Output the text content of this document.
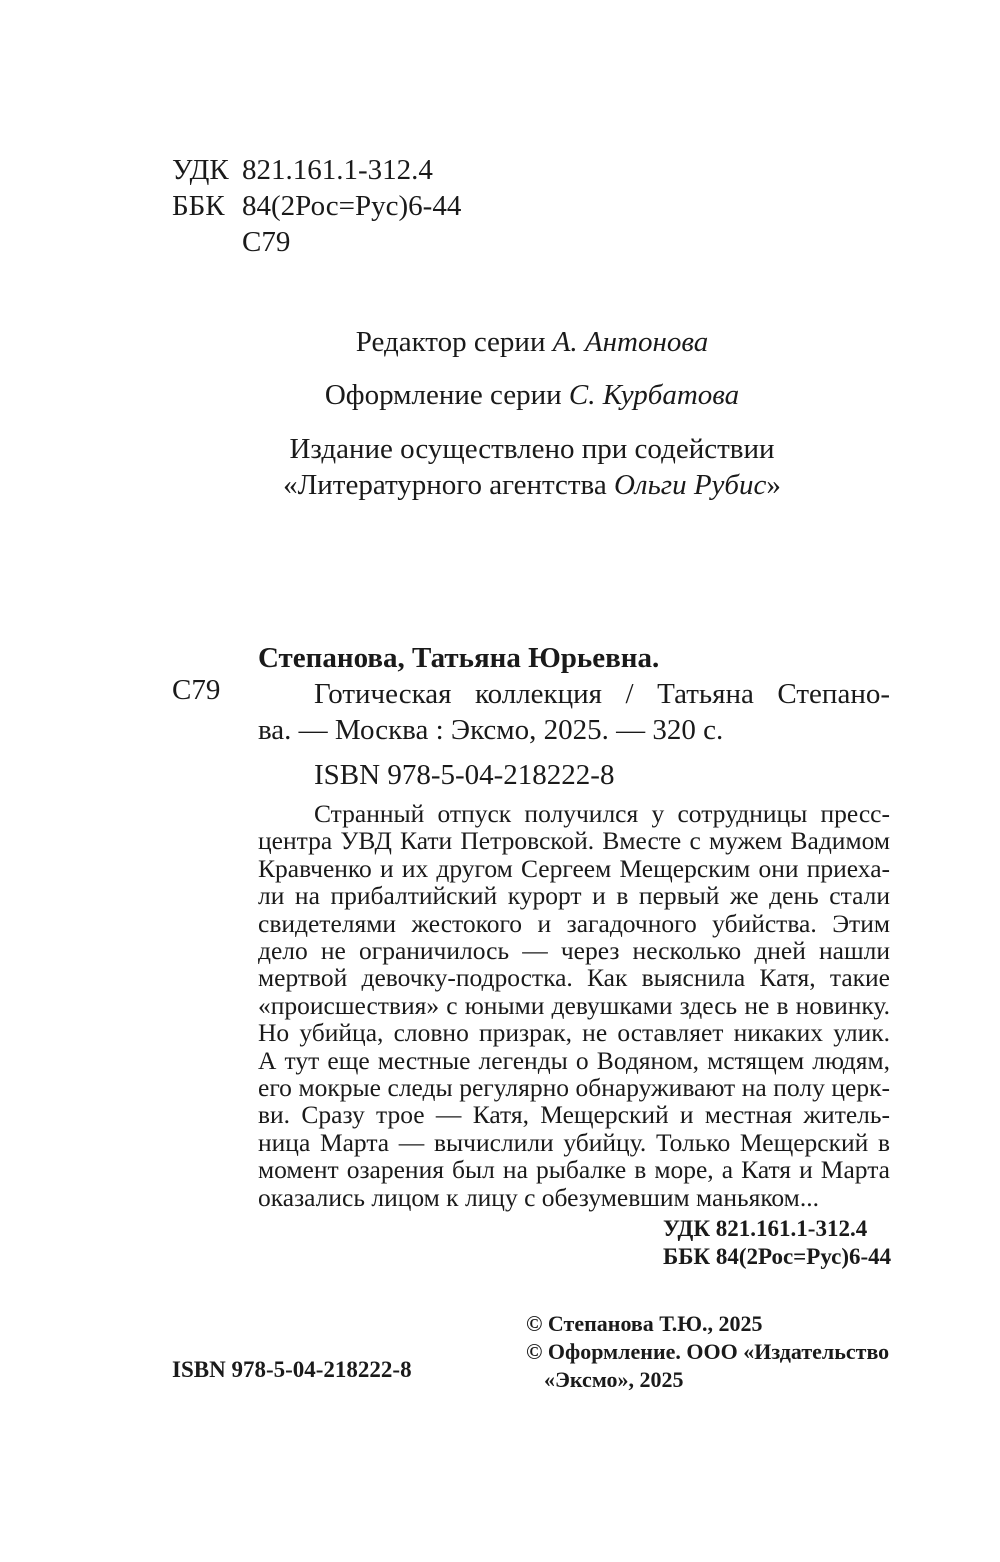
УДК 821.161.1-312.4
ББК 84(2Рос=Рус)6-44
С79
Редактор серии А. Антонова
Оформление серии С. Курбатова
Издание осуществлено при содействии
«Литературного агентства Ольги Рубис»
С79
Степанова, Татьяна Юрьевна.
Готическая коллекция / Татьяна Степано-
ва. — Москва : Эксмо, 2025. — 320 с.
ISBN 978-5-04-218222-8
Странный отпуск получился у сотрудницы пресс-
центра УВД Кати Петровской. Вместе с мужем Вадимом
Кравченко и их другом Сергеем Мещерским они приеха-
ли на прибалтийский курорт и в первый же день стали
свидетелями жестокого и загадочного убийства. Этим
дело не ограничилось — через несколько дней нашли
мертвой девочку-подростка. Как выяснила Катя, такие
«происшествия» с юными девушками здесь не в новинку.
Но убийца, словно призрак, не оставляет никаких улик.
А тут еще местные легенды о Водяном, мстящем людям,
его мокрые следы регулярно обнаруживают на полу церк-
ви. Сразу трое — Катя, Мещерский и местная житель-
ница Марта — вычислили убийцу. Только Мещерский в
момент озарения был на рыбалке в море, а Катя и Марта
оказались лицом к лицу с обезумевшим маньяком...
УДК 821.161.1-312.4
ББК 84(2Рос=Рус)6-44
© Степанова Т.Ю., 2025
© Оформление. ООО «Издательство
«Эксмо», 2025
ISBN 978-5-04-218222-8
